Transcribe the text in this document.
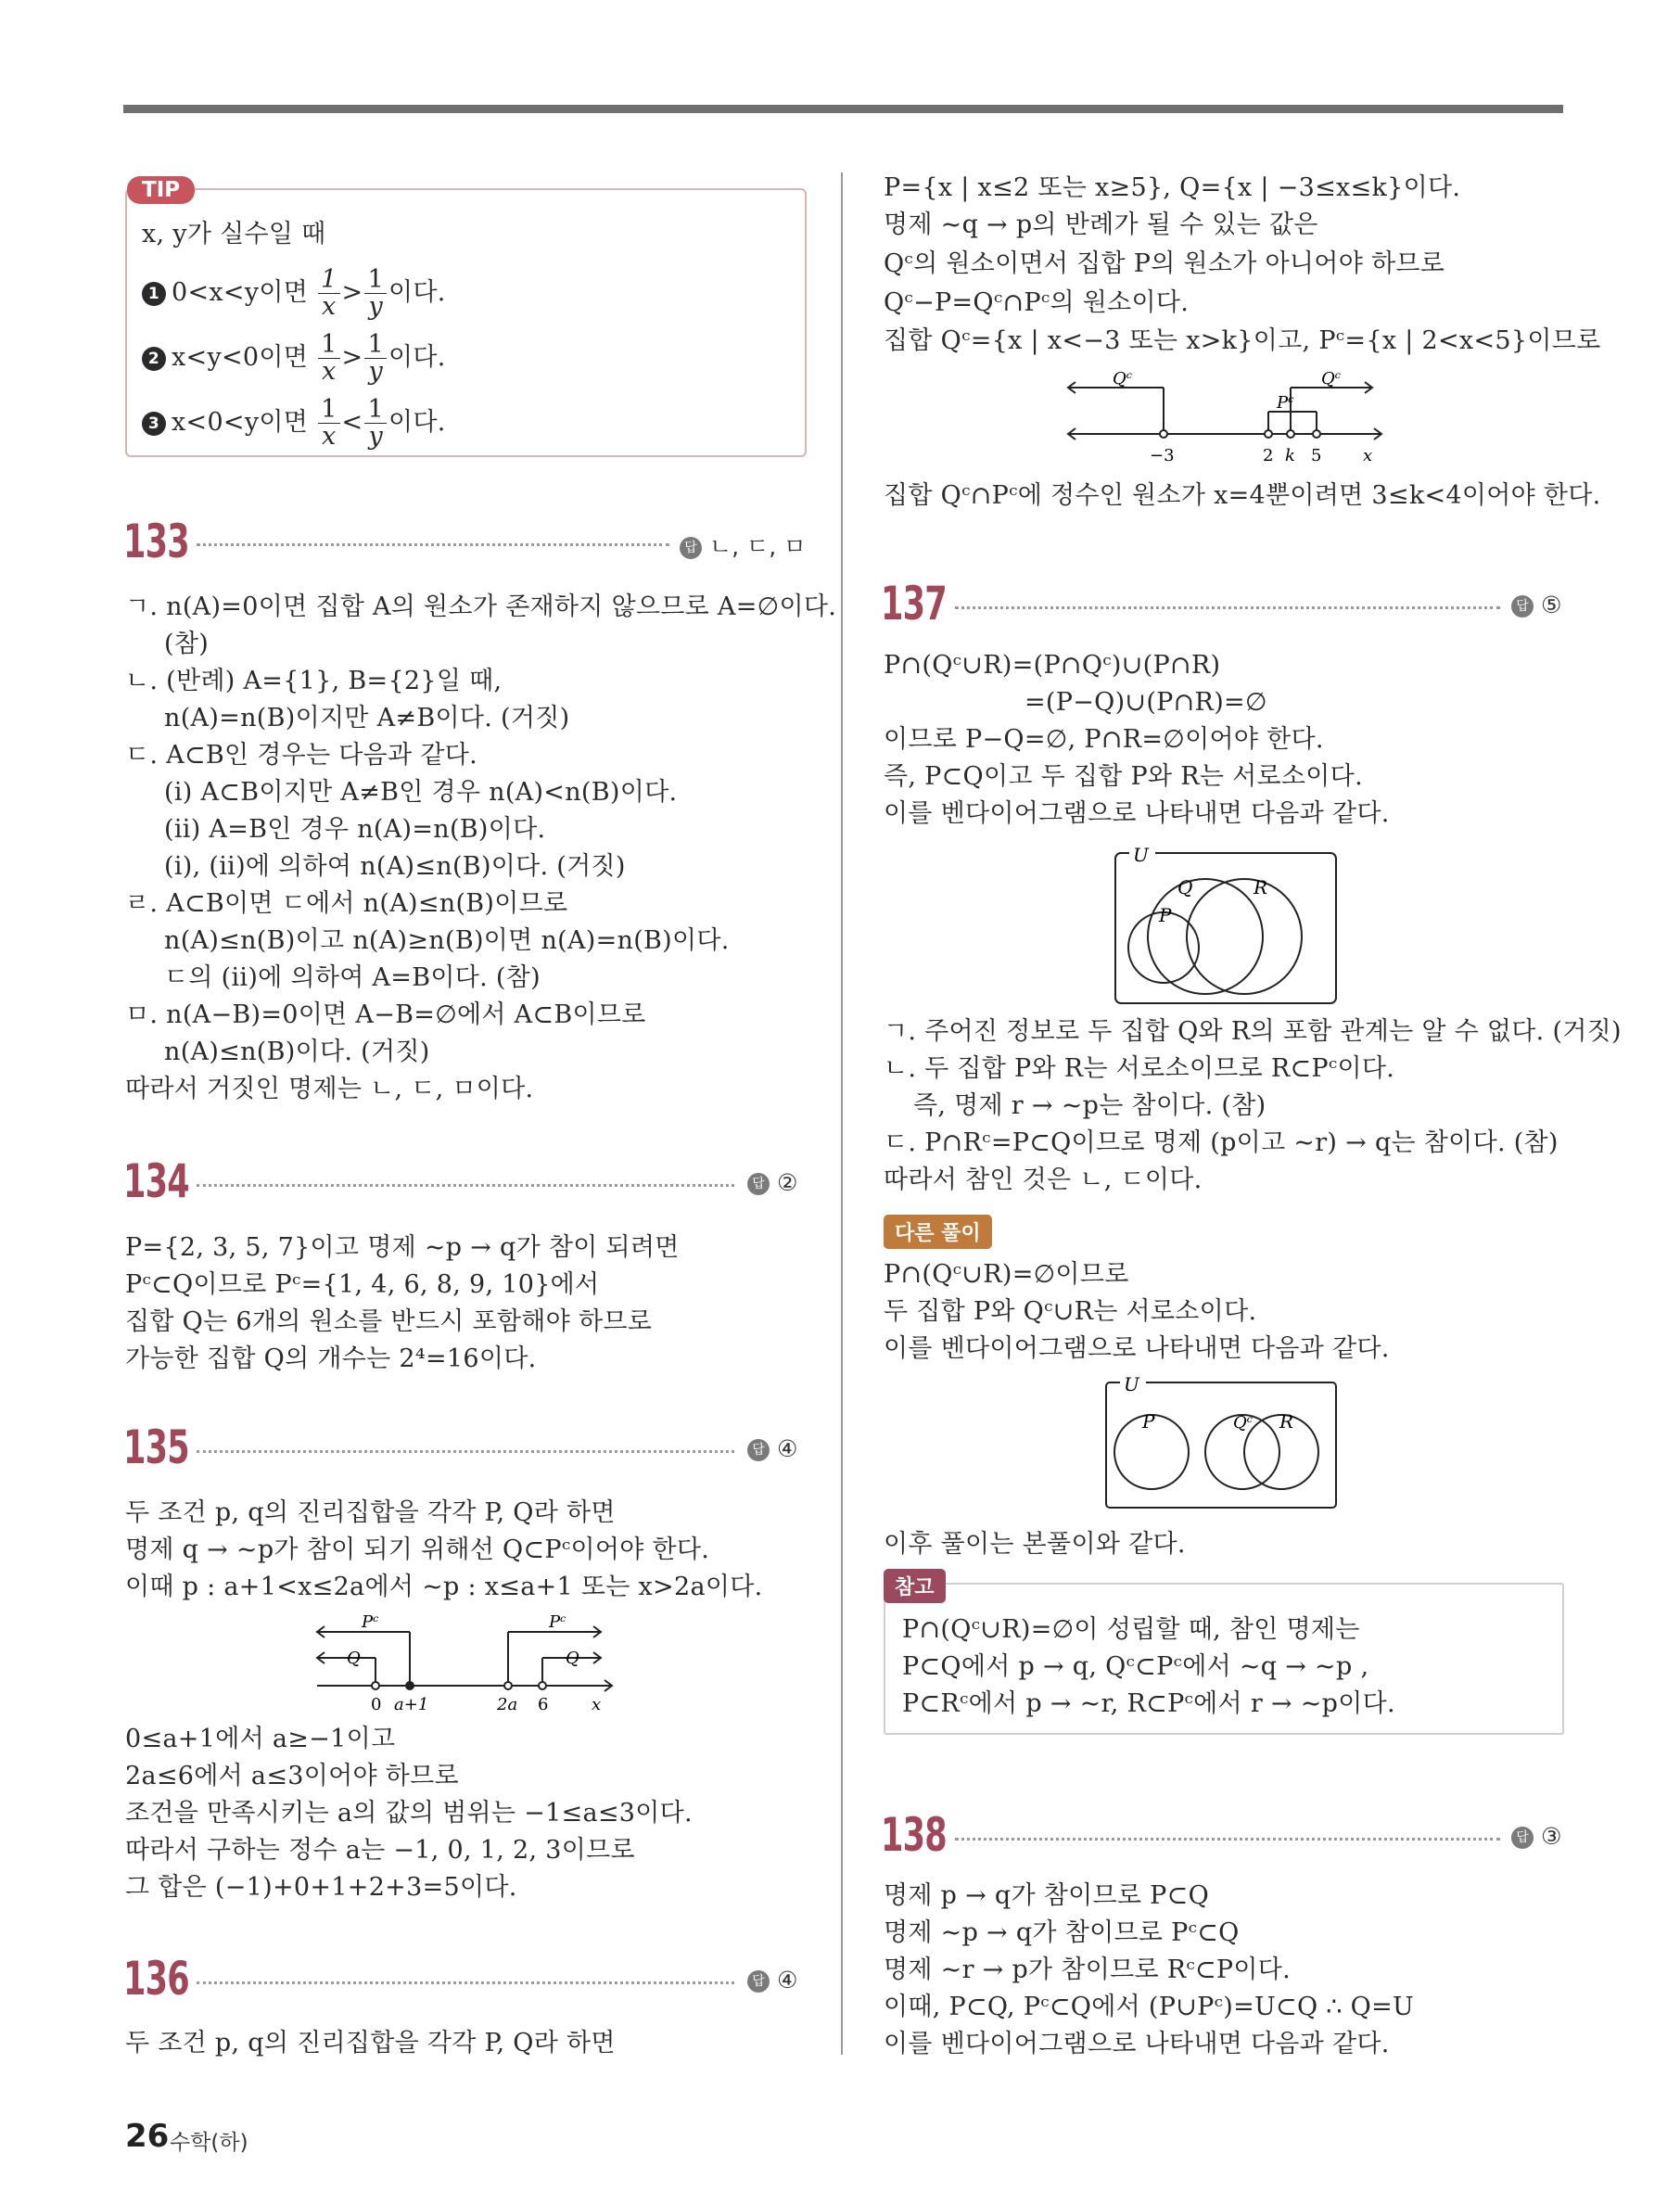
TIP
x, y가 실수일 때
1 0<x<y이면 $\frac{1}{x} > \frac{1}{y}$ 이다.
2 x<y<0이면 $\frac{1}{x} > \frac{1}{y}$ 이다.
3 x<0<y이면 $\frac{1}{x} < \frac{1}{y}$ 이다.
133	답 ㄴ, ㄷ, ㅁ
ㄱ. n(A)=0이면 집합 A의 원소가 존재하지 않으므로 A=∅이다.
(참)
ㄴ. (반례) A={1}, B={2}일 때,
n(A)=n(B)이지만 A≠B이다. (거짓)
ㄷ. A⊂B인 경우는 다음과 같다.
(i) A⊂B이지만 A≠B인 경우 n(A)<n(B)이다.
(ii) A=B인 경우 n(A)=n(B)이다.
(i), (ii)에 의하여 n(A)≤n(B)이다. (거짓)
ㄹ. A⊂B이면 ㄷ에서 n(A)≤n(B)이므로
n(A)≤n(B)이고 n(A)≥n(B)이면 n(A)=n(B)이다.
ㄷ의 (ii)에 의하여 A=B이다. (참)
ㅁ. n(A−B)=0이면 A−B=∅에서 A⊂B이므로
n(A)≤n(B)이다. (거짓)
따라서 거짓인 명제는 ㄴ, ㄷ, ㅁ이다.
134	답 ②
P={2, 3, 5, 7}이고 명제 ~p → q가 참이 되려면
Pᶜ⊂Q이므로 Pᶜ={1, 4, 6, 8, 9, 10}에서
집합 Q는 6개의 원소를 반드시 포함해야 하므로
가능한 집합 Q의 개수는 2⁴=16이다.
135	답 ④
두 조건 p, q의 진리집합을 각각 P, Q라 하면
명제 q → ~p가 참이 되기 위해선 Q⊂Pᶜ이어야 한다.
이때 p : a+1<x≤2a에서 ~p : x≤a+1 또는 x>2a이다.
Pᶜ
Q
Pᶜ
Q
0 a+1	2a 6	x
0≤a+1에서 a≥−1이고
2a≤6에서 a≤3이어야 하므로
조건을 만족시키는 a의 값의 범위는 −1≤a≤3이다.
따라서 구하는 정수 a는 −1, 0, 1, 2, 3이므로
그 합은 (−1)+0+1+2+3=5이다.
136	답 ④
두 조건 p, q의 진리집합을 각각 P, Q라 하면
P={x | x≤2 또는 x≥5}, Q={x | −3≤x≤k}이다.
명제 ~q → p의 반례가 될 수 있는 값은
Qᶜ의 원소이면서 집합 P의 원소가 아니어야 하므로
Qᶜ−P=Qᶜ∩Pᶜ의 원소이다.
집합 Qᶜ={x | x<−3 또는 x>k}이고, Pᶜ={x | 2<x<5}이므로
Qᶜ	Qᶜ
Pᶜ
−3	2 k 5 x
집합 Qᶜ∩Pᶜ에 정수인 원소가 x=4뿐이려면 3≤k<4이어야 한다.
137	답 ⑤
P∩(Qᶜ∪R)=(P∩Qᶜ)∪(P∩R)
=(P−Q)∪(P∩R)=∅
이므로 P−Q=∅, P∩R=∅이어야 한다.
즉, P⊂Q이고 두 집합 P와 R는 서로소이다.
이를 벤다이어그램으로 나타내면 다음과 같다.
U
Q	R
P
ㄱ. 주어진 정보로 두 집합 Q와 R의 포함 관계는 알 수 없다. (거짓)
ㄴ. 두 집합 P와 R는 서로소이므로 R⊂Pᶜ이다.
즉, 명제 r → ~p는 참이다. (참)
ㄷ. P∩Rᶜ=P⊂Q이므로 명제 (p이고 ~r) → q는 참이다. (참)
따라서 참인 것은 ㄴ, ㄷ이다.
다른 풀이
P∩(Qᶜ∪R)=∅이므로
두 집합 P와 Qᶜ∪R는 서로소이다.
이를 벤다이어그램으로 나타내면 다음과 같다.
U
P	Qᶜ R
이후 풀이는 본풀이와 같다.
참고
P∩(Qᶜ∪R)=∅이 성립할 때, 참인 명제는
P⊂Q에서 p → q, Qᶜ⊂Pᶜ에서 ~q → ~p ,
P⊂Rᶜ에서 p → ~r, R⊂Pᶜ에서 r → ~p이다.
138	답 ③
명제 p → q가 참이므로 P⊂Q
명제 ~p → q가 참이므로 Pᶜ⊂Q
명제 ~r → p가 참이므로 Rᶜ⊂P이다.
이때, P⊂Q, Pᶜ⊂Q에서 (P∪Pᶜ)=U⊂Q ∴ Q=U
이를 벤다이어그램으로 나타내면 다음과 같다.
26 수학(하)
